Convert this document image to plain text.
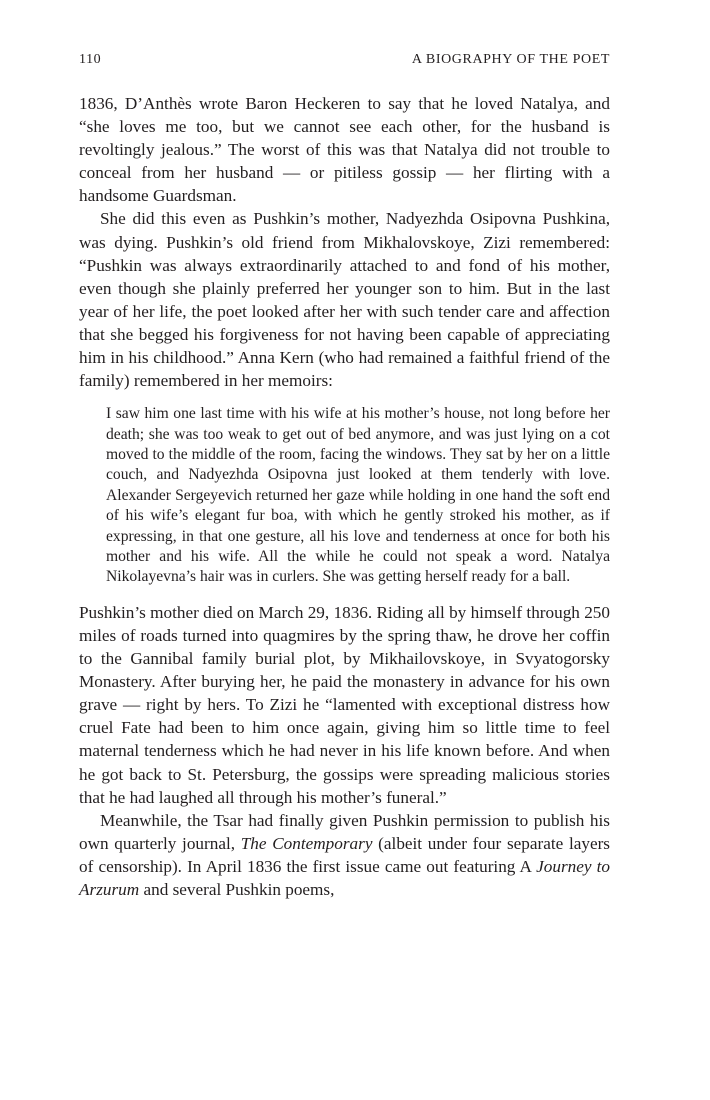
110	A BIOGRAPHY OF THE POET

1836, D’Anthès wrote Baron Heckeren to say that he loved Natalya, and “she loves me too, but we cannot see each other, for the husband is revoltingly jealous.” The worst of this was that Natalya did not trouble to conceal from her husband — or pitiless gossip — her flirting with a handsome Guardsman.

She did this even as Pushkin’s mother, Nadyezhda Osipovna Pushkina, was dying. Pushkin’s old friend from Mikhalovskoye, Zizi remembered: “Pushkin was always extraordinarily attached to and fond of his mother, even though she plainly preferred her younger son to him. But in the last year of her life, the poet looked after her with such tender care and affection that she begged his forgiveness for not having been capable of appreciating him in his childhood.” Anna Kern (who had remained a faithful friend of the family) remembered in her memoirs:

I saw him one last time with his wife at his mother’s house, not long before her death; she was too weak to get out of bed anymore, and was just lying on a cot moved to the middle of the room, facing the windows. They sat by her on a little couch, and Nadyezhda Osipovna just looked at them tenderly with love. Alexander Sergeyevich returned her gaze while holding in one hand the soft end of his wife’s elegant fur boa, with which he gently stroked his mother, as if expressing, in that one gesture, all his love and tenderness at once for both his mother and his wife. All the while he could not speak a word. Natalya Nikolayevna’s hair was in curlers. She was getting herself ready for a ball.

Pushkin’s mother died on March 29, 1836. Riding all by himself through 250 miles of roads turned into quagmires by the spring thaw, he drove her coffin to the Gannibal family burial plot, by Mikhailovskoye, in Svyatogorsky Monastery. After burying her, he paid the monastery in advance for his own grave — right by hers. To Zizi he “lamented with exceptional distress how cruel Fate had been to him once again, giving him so little time to feel maternal tenderness which he had never in his life known before. And when he got back to St. Petersburg, the gossips were spreading malicious stories that he had laughed all through his mother’s funeral.”

Meanwhile, the Tsar had finally given Pushkin permission to publish his own quarterly journal, The Contemporary (albeit under four separate layers of censorship). In April 1836 the first issue came out featuring A Journey to Arzurum and several Pushkin poems,
